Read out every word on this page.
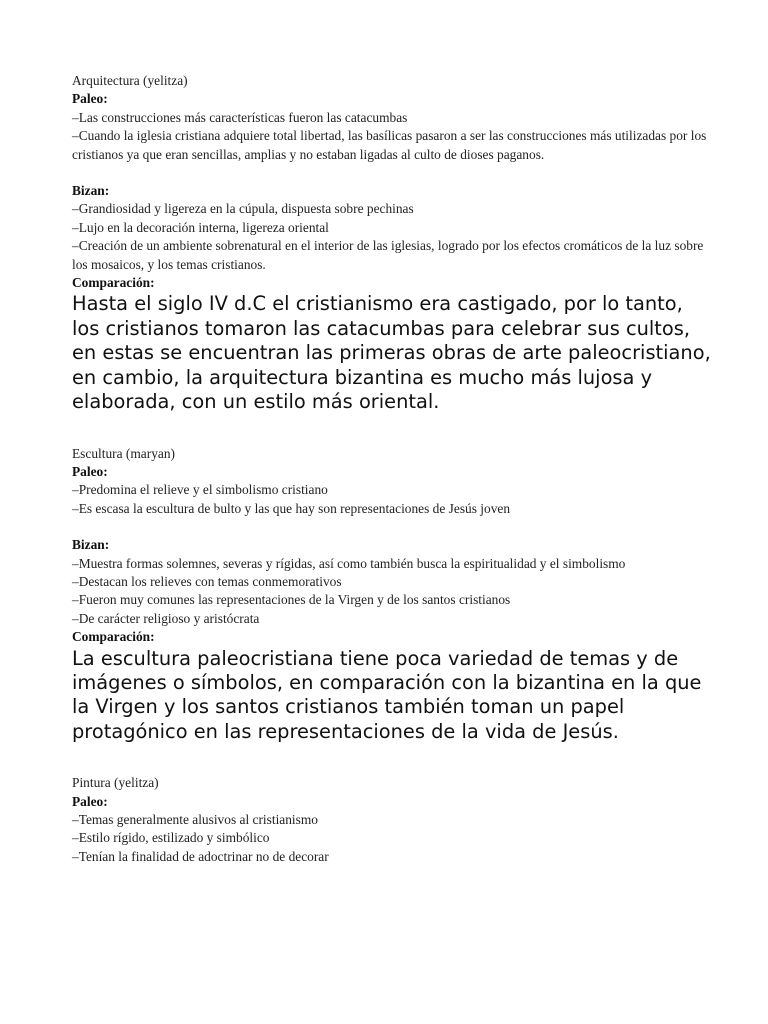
Arquitectura (yelitza)

Paleo:

–Las construcciones más características fueron las catacumbas

–Cuando la iglesia cristiana adquiere total libertad, las basílicas pasaron a ser las construcciones más utilizadas por los cristianos ya que eran sencillas, amplias y no estaban ligadas al culto de dioses paganos.

Bizan:

–Grandiosidad y ligereza en la cúpula, dispuesta sobre pechinas

–Lujo en la decoración interna, ligereza oriental

–Creación de un ambiente sobrenatural en el interior de las iglesias, logrado por los efectos cromáticos de la luz sobre los mosaicos, y los temas cristianos.

Comparación:

Hasta el siglo IV d.C el cristianismo era castigado, por lo tanto, los cristianos tomaron las catacumbas para celebrar sus cultos, en estas se encuentran las primeras obras de arte paleocristiano, en cambio, la arquitectura bizantina es mucho más lujosa y elaborada, con un estilo más oriental.

Escultura (maryan)

Paleo:

–Predomina el relieve y el simbolismo cristiano

–Es escasa la escultura de bulto y las que hay son representaciones de Jesús joven

Bizan:

–Muestra formas solemnes, severas y rígidas, así como también busca la espiritualidad y el simbolismo

–Destacan los relieves con temas conmemorativos

–Fueron muy comunes las representaciones de la Virgen y de los santos cristianos

–De carácter religioso y aristócrata

Comparación:

La escultura paleocristiana tiene poca variedad de temas y de imágenes o símbolos, en comparación con la bizantina en la que la Virgen y los santos cristianos también toman un papel protagónico en las representaciones de la vida de Jesús.

Pintura (yelitza)

Paleo:

–Temas generalmente alusivos al cristianismo

–Estilo rígido, estilizado y simbólico

–Tenían la finalidad de adoctrinar no de decorar
